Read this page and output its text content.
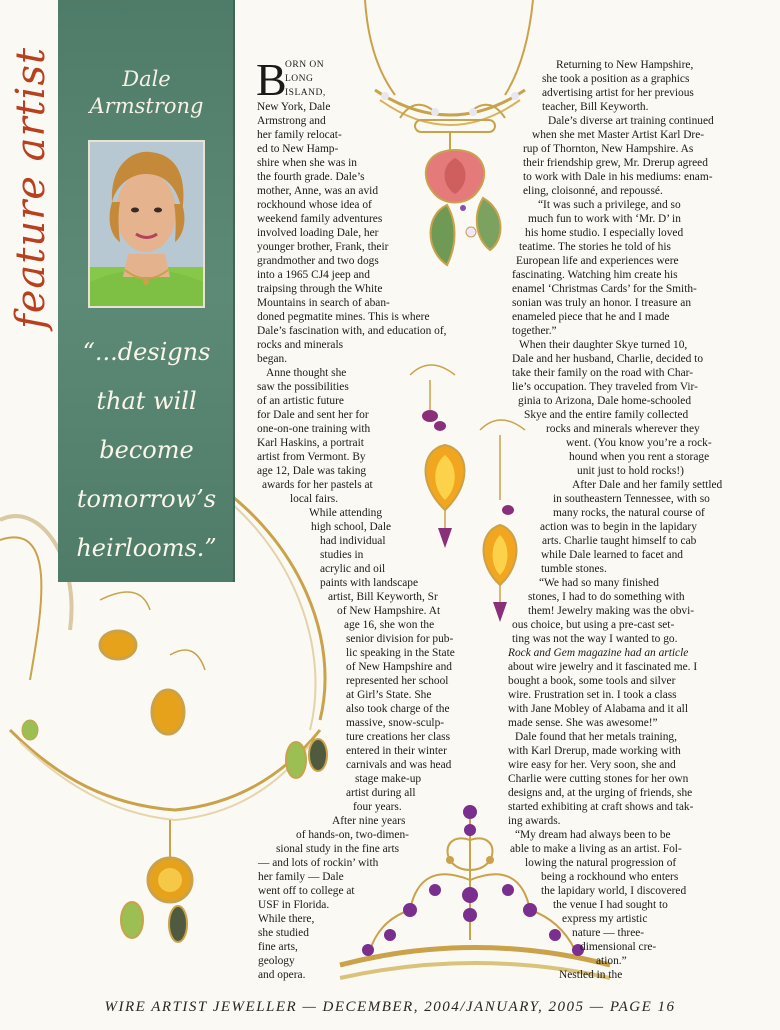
feature artist	Dale
Armstrong
“...designs
that will
become
tomorrow’s
heirlooms.”
B
ORN ON
LONG
ISLAND,
New York, Dale
Armstrong and
her family relocat-
ed to New Hamp-
shire when she was in
the fourth grade. Dale’s
mother, Anne, was an avid
rockhound whose idea of
weekend family adventures
involved loading Dale, her
younger brother, Frank, their
grandmother and two dogs
into a 1965 CJ4 jeep and
traipsing through the White
Mountains in search of aban-
doned pegmatite mines. This is where
Dale’s fascination with, and education of,
rocks and minerals
began.
Anne thought she
saw the possibilities
of an artistic future
for Dale and sent her for
one-on-one training with
Karl Haskins, a portrait
artist from Vermont. By
age 12, Dale was taking
awards for her pastels at
local fairs.
While attending
high school, Dale
had individual
studies in
acrylic and oil
paints with landscape
artist, Bill Keyworth, Sr
of New Hampshire. At
age 16, she won the
senior division for pub-
lic speaking in the State
of New Hampshire and
represented her school
at Girl’s State. She
also took charge of the
massive, snow-sculp-
ture creations her class
entered in their winter
carnivals and was head
stage make-up
artist during all
four years.
After nine years
of hands-on, two-dimen-
sional study in the fine arts
— and lots of rockin’ with
her family — Dale
went off to college at
USF in Florida.
While there,
she studied
fine arts,
geology
and opera.
Returning to New Hampshire,
she took a position as a graphics
advertising artist for her previous
teacher, Bill Keyworth.
Dale’s diverse art training continued
when she met Master Artist Karl Dre-
rup of Thornton, New Hampshire. As
their friendship grew, Mr. Drerup agreed
to work with Dale in his mediums: enam-
eling, cloisonné, and repoussé.
“It was such a privilege, and so
much fun to work with ‘Mr. D’ in
his home studio. I especially loved
teatime. The stories he told of his
European life and experiences were
fascinating. Watching him create his
enamel ‘Christmas Cards’ for the Smith-
sonian was truly an honor. I treasure an
enameled piece that he and I made
together.”
When their daughter Skye turned 10,
Dale and her husband, Charlie, decided to
take their family on the road with Char-
lie’s occupation. They traveled from Vir-
ginia to Arizona, Dale home-schooled
Skye and the entire family collected
rocks and minerals wherever they
went. (You know you’re a rock-
hound when you rent a storage
unit just to hold rocks!)
After Dale and her family settled
in southeastern Tennessee, with so
many rocks, the natural course of
action was to begin in the lapidary
arts. Charlie taught himself to cab
while Dale learned to facet and
tumble stones.
“We had so many finished
stones, I had to do something with
them! Jewelry making was the obvi-
ous choice, but using a pre-cast set-
ting was not the way I wanted to go.
Rock and Gem magazine had an article
about wire jewelry and it fascinated me. I
bought a book, some tools and silver
wire. Frustration set in. I took a class
with Jane Mobley of Alabama and it all
made sense. She was awesome!”
Dale found that her metals training,
with Karl Drerup, made working with
wire easy for her. Very soon, she and
Charlie were cutting stones for her own
designs and, at the urging of friends, she
started exhibiting at craft shows and tak-
ing awards.
“My dream had always been to be
able to make a living as an artist. Fol-
lowing the natural progression of
being a rockhound who enters
the lapidary world, I discovered
the venue I had sought to
express my artistic
nature — three-
dimensional cre-
ation.”
Nestled in the
WIRE ARTIST JEWELLER — DECEMBER, 2004/JANUARY, 2005 — PAGE 16
